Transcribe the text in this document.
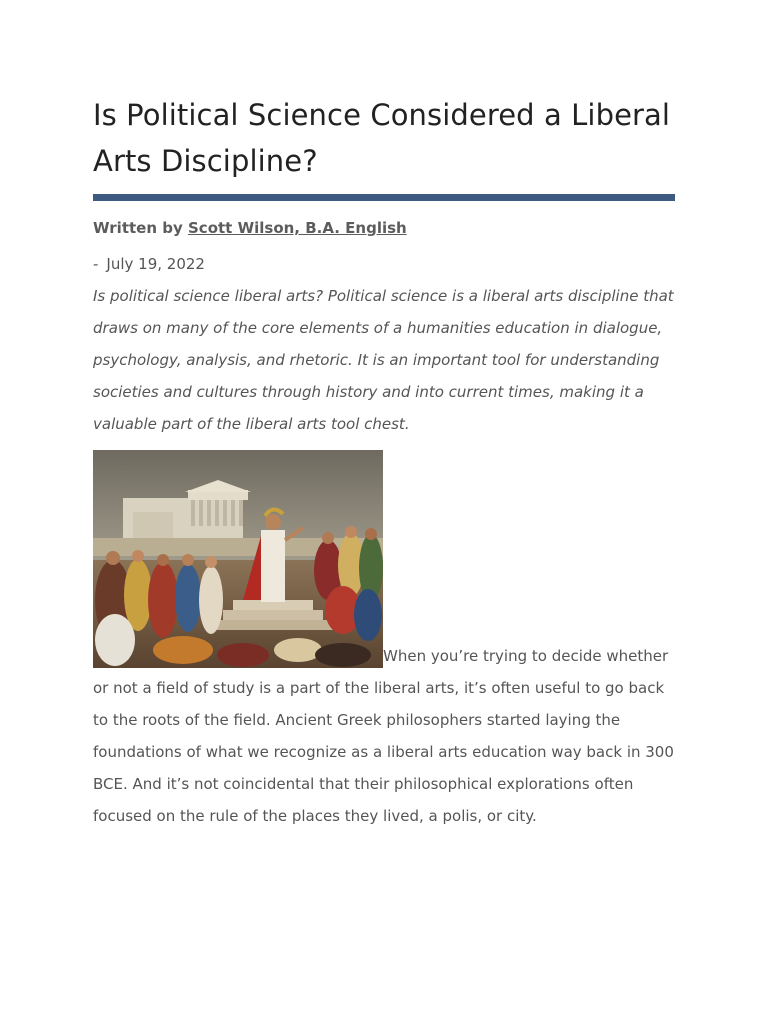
Is Political Science Considered a Liberal Arts Discipline?
Written by Scott Wilson, B.A. English
- July 19, 2022

Is political science liberal arts? Political science is a liberal arts discipline that draws on many of the core elements of a humanities education in dialogue, psychology, analysis, and rhetoric. It is an important tool for understanding societies and cultures through history and into current times, making it a valuable part of the liberal arts tool chest.

When you’re trying to decide whether or not a field of study is a part of the liberal arts, it’s often useful to go back to the roots of the field. Ancient Greek philosophers started laying the foundations of what we recognize as a liberal arts education way back in 300 BCE. And it’s not coincidental that their philosophical explorations often focused on the rule of the places they lived, a polis, or city.
